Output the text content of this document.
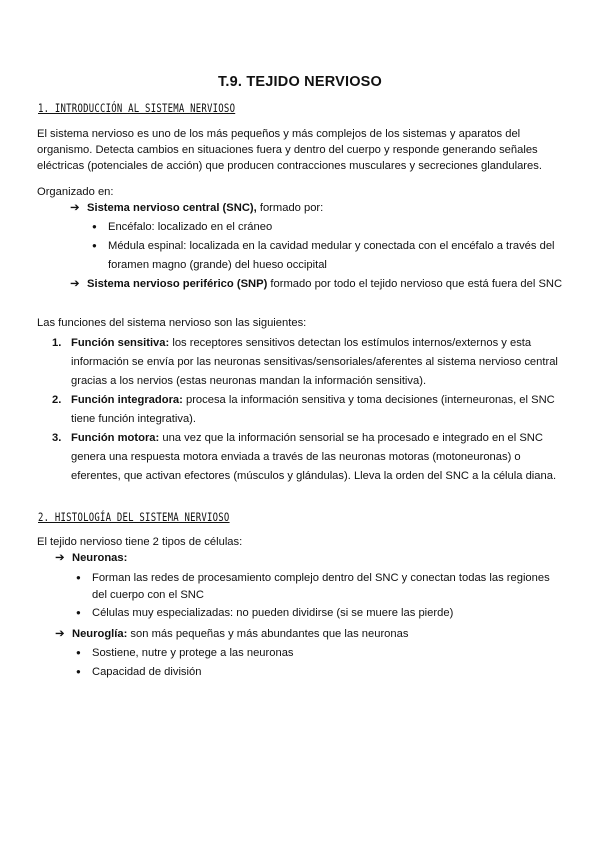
T.9. TEJIDO NERVIOSO
1. INTRODUCCIÓN AL SISTEMA NERVIOSO
El sistema nervioso es uno de los más pequeños y más complejos de los sistemas y aparatos del organismo. Detecta cambios en situaciones fuera y dentro del cuerpo y responde generando señales eléctricas (potenciales de acción) que producen contracciones musculares y secreciones glandulares.
Organizado en:
➔ Sistema nervioso central (SNC), formado por:
● Encéfalo: localizado en el cráneo
● Médula espinal: localizada en la cavidad medular y conectada con el encéfalo a través del
foramen magno (grande) del hueso occipital
➔ Sistema nervioso periférico (SNP) formado por todo el tejido nervioso que está fuera del SNC
Las funciones del sistema nervioso son las siguientes:
1. Función sensitiva: los receptores sensitivos detectan los estímulos internos/externos y esta
información se envía por las neuronas sensitivas/sensoriales/aferentes al sistema nervioso central
gracias a los nervios (estas neuronas mandan la información sensitiva).
2. Función integradora: procesa la información sensitiva y toma decisiones (interneuronas, el SNC
tiene función integrativa).
3. Función motora: una vez que la información sensorial se ha procesado e integrado en el SNC
genera una respuesta motora enviada a través de las neuronas motoras (motoneuronas) o
eferentes, que activan efectores (músculos y glándulas). Lleva la orden del SNC a la célula diana.
2. HISTOLOGÍA DEL SISTEMA NERVIOSO
El tejido nervioso tiene 2 tipos de células:
➔ Neuronas:
● Forman las redes de procesamiento complejo dentro del SNC y conectan todas las regiones
del cuerpo con el SNC
● Células muy especializadas: no pueden dividirse (si se muere las pierde)
➔ Neuroglía: son más pequeñas y más abundantes que las neuronas
● Sostiene, nutre y protege a las neuronas
● Capacidad de división
